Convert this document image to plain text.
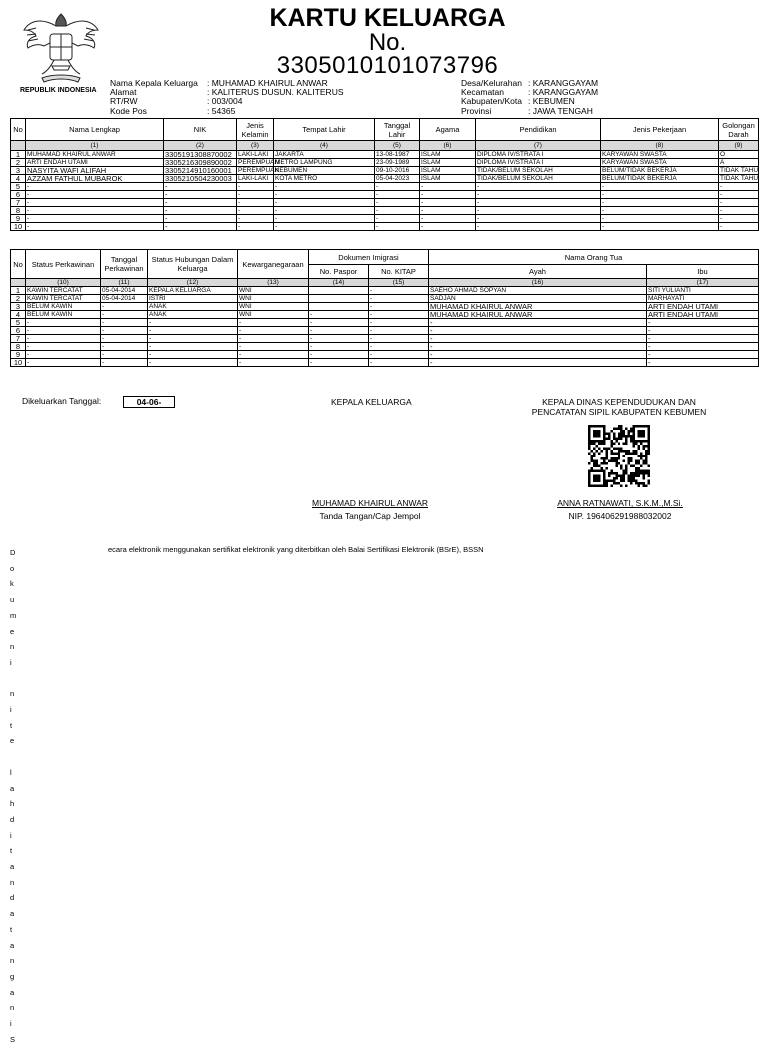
REPUBLIK INDONESIA
KARTU KELUARGA
No.
3305010101073796
Nama Kepala Keluarga	: MUHAMAD KHAIRUL ANWAR
Alamat	: KALITERUS DUSUN. KALITERUS
RT/RW	: 003/004
Kode Pos	: 54365
Desa/Kelurahan : KARANGGAYAM
Kecamatan	: KARANGGAYAM
Kabupaten/Kota : KEBUMEN
Provinsi	: JAWA TENGAH
No	Nama Lengkap	NIK	Jenis Kelamin	Tempat Lahir	Tanggal Lahir	Agama	Pendidikan	Jenis Pekerjaan	Golongan Darah
	(1)	(2)	(3)	(4)	(5)	(6)	(7)	(8)	(9)
1	MUHAMAD KHAIRUL ANWAR	3305191308870002	LAKI-LAKI	JAKARTA	13-08-1987	ISLAM	DIPLOMA IV/STRATA I	KARYAWAN SWASTA	O
2	ARTI ENDAH UTAMI	3305216309890002	PEREMPUAN	METRO LAMPUNG	23-09-1989	ISLAM	DIPLOMA IV/STRATA I	KARYAWAN SWASTA	A
3	NASYITA WAFI ALIFAH	3305214910160001	PEREMPUAN	KEBUMEN	09-10-2016	ISLAM	TIDAK/BELUM SEKOLAH	BELUM/TIDAK BEKERJA	TIDAK TAHU
4	AZZAM FATHUL MUBAROK	3305210504230003	LAKI-LAKI	KOTA METRO	05-04-2023	ISLAM	TIDAK/BELUM SEKOLAH	BELUM/TIDAK BEKERJA	TIDAK TAHU
5	-	-	-	-	-	-	-	-	-
6	-	-	-	-	-	-	-	-	-
7	-	-	-	-	-	-	-	-	-
8	-	-	-	-	-	-	-	-	-
9	-	-	-	-	-	-	-	-	-
10	-	-	-	-	-	-	-	-	-
No	Status Perkawinan	Tanggal Perkawinan	Status Hubungan Dalam Keluarga	Kewarganegaraan	Dokumen Imigrasi		Nama Orang Tua	
					No. Paspor	No. KITAP	Ayah	Ibu
	(10)	(11)	(12)	(13)	(14)	(15)	(16)	(17)
1	KAWIN TERCATAT	05-04-2014	KEPALA KELUARGA	WNI		-	SAEHO AHMAD SOPYAN	SITI YULIANTI
2	KAWIN TERCATAT	05-04-2014	ISTRI	WNI		-	SADJAN	MARHAYATI
3	BELUM KAWIN	-	ANAK	WNI		-	MUHAMAD KHAIRUL ANWAR	ARTI ENDAH UTAMI
4	BELUM KAWIN	-	ANAK	WNI	-	-	MUHAMAD KHAIRUL ANWAR	ARTI ENDAH UTAMI
5	-	-	-	-	-	-	-	-
6	-	-	-	-	-	-	-	-
7	-	-	-	-	-	-	-	-
8	-	-	-	-	-	-	-	-
9	-	-	-	-	-	-	-	-
10	-	-	-	-	-	-	-	-
Dikeluarkan Tanggal:	04-06-	KEPALA KELUARGA	KEPALA DINAS KEPENDUDUKAN DAN
PENCATATAN SIPIL KABUPATEN KEBUMEN
MUHAMAD KHAIRUL ANWAR
Tanda Tangan/Cap Jempol
ANNA RATNAWATI, S.K.M.,M.Si.
NIP. 196406291988032002
D
o
k
u
m
e
n
i
n
i
t
e
l
a
h
d
i
t
a
n
d
a
t
a
n
g
a
n
i
S
ecara elektronik menggunakan sertifikat elektronik yang diterbitkan oleh Balai Sertifikasi Elektronik (BSrE), BSSN
